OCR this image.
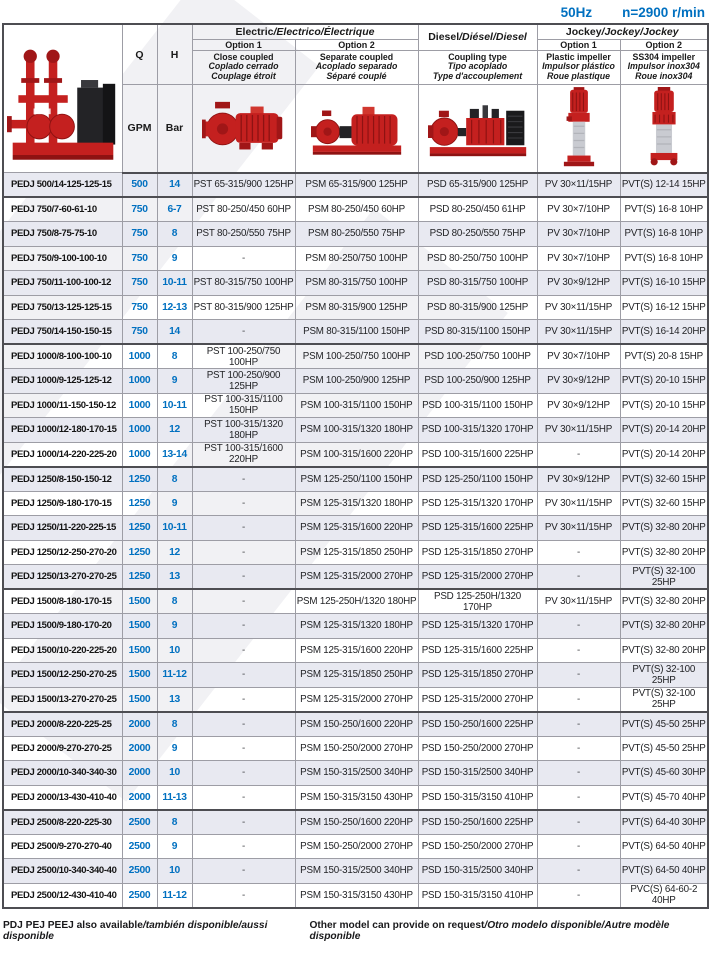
50Hz n=2900 r/min
	Q	H	Electric/Electrico/Électrique		Diesel/Diésel/Diesel	Jockey/Jockey/Jockey	
			Option 1	Option 2		Option 1	Option 2

			Close coupled
Coplado cerrado
Couplage étroit	Separate coupled
Acoplado separado
Séparé couplé	Coupling type
Tipo acoplado
Type d'accouplement	Plastic impeller
Impulsor plástico
Roue plastique	SS304 impeller
Impulsor inox304
Roue inox304

	GPM	Bar	

PEDJ 500/14-125-125-15	500	14	PST 65-315/900 125HP	PSM 65-315/900 125HP	PSD 65-315/900 125HP	PV 30×11/15HP	PVT(S) 12-14 15HP
PEDJ 750/7-60-61-10	750	6-7	PST 80-250/450 60HP	PSM 80-250/450 60HP	PSD 80-250/450 61HP	PV 30×7/10HP	PVT(S) 16-8 10HP
PEDJ 750/8-75-75-10	750	8	PST 80-250/550 75HP	PSM 80-250/550 75HP	PSD 80-250/550 75HP	PV 30×7/10HP	PVT(S) 16-8 10HP
PEDJ 750/9-100-100-10	750	9	-	PSM 80-250/750 100HP	PSD 80-250/750 100HP	PV 30×7/10HP	PVT(S) 16-8 10HP
PEDJ 750/11-100-100-12	750	10-11	PST 80-315/750 100HP	PSM 80-315/750 100HP	PSD 80-315/750 100HP	PV 30×9/12HP	PVT(S) 16-10 15HP
PEDJ 750/13-125-125-15	750	12-13	PST 80-315/900 125HP	PSM 80-315/900 125HP	PSD 80-315/900 125HP	PV 30×11/15HP	PVT(S) 16-12 15HP
PEDJ 750/14-150-150-15	750	14	-	PSM 80-315/1100 150HP	PSD 80-315/1100 150HP	PV 30×11/15HP	PVT(S) 16-14 20HP
PEDJ 1000/8-100-100-10	1000	8	PST 100-250/750 100HP	PSM 100-250/750 100HP	PSD 100-250/750 100HP	PV 30×7/10HP	PVT(S) 20-8 15HP
PEDJ 1000/9-125-125-12	1000	9	PST 100-250/900 125HP	PSM 100-250/900 125HP	PSD 100-250/900 125HP	PV 30×9/12HP	PVT(S) 20-10 15HP
PEDJ 1000/11-150-150-12	1000	10-11	PST 100-315/1100 150HP	PSM 100-315/1100 150HP	PSD 100-315/1100 150HP	PV 30×9/12HP	PVT(S) 20-10 15HP
PEDJ 1000/12-180-170-15	1000	12	PST 100-315/1320 180HP	PSM 100-315/1320 180HP	PSD 100-315/1320 170HP	PV 30×11/15HP	PVT(S) 20-14 20HP
PEDJ 1000/14-220-225-20	1000	13-14	PST 100-315/1600 220HP	PSM 100-315/1600 220HP	PSD 100-315/1600 225HP	-	PVT(S) 20-14 20HP
PEDJ 1250/8-150-150-12	1250	8	-	PSM 125-250/1100 150HP	PSD 125-250/1100 150HP	PV 30×9/12HP	PVT(S) 32-60 15HP
PEDJ 1250/9-180-170-15	1250	9	-	PSM 125-315/1320 180HP	PSD 125-315/1320 170HP	PV 30×11/15HP	PVT(S) 32-60 15HP
PEDJ 1250/11-220-225-15	1250	10-11	-	PSM 125-315/1600 220HP	PSD 125-315/1600 225HP	PV 30×11/15HP	PVT(S) 32-80 20HP
PEDJ 1250/12-250-270-20	1250	12	-	PSM 125-315/1850 250HP	PSD 125-315/1850 270HP	-	PVT(S) 32-80 20HP
PEDJ 1250/13-270-270-25	1250	13	-	PSM 125-315/2000 270HP	PSD 125-315/2000 270HP	-	PVT(S) 32-100 25HP
PEDJ 1500/8-180-170-15	1500	8	-	PSM 125-250H/1320 180HP	PSD 125-250H/1320 170HP	PV 30×11/15HP	PVT(S) 32-80 20HP
PEDJ 1500/9-180-170-20	1500	9	-	PSM 125-315/1320 180HP	PSD 125-315/1320 170HP	-	PVT(S) 32-80 20HP
PEDJ 1500/10-220-225-20	1500	10	-	PSM 125-315/1600 220HP	PSD 125-315/1600 225HP	-	PVT(S) 32-80 20HP
PEDJ 1500/12-250-270-25	1500	11-12	-	PSM 125-315/1850 250HP	PSD 125-315/1850 270HP	-	PVT(S) 32-100 25HP
PEDJ 1500/13-270-270-25	1500	13	-	PSM 125-315/2000 270HP	PSD 125-315/2000 270HP	-	PVT(S) 32-100 25HP
PEDJ 2000/8-220-225-25	2000	8	-	PSM 150-250/1600 220HP	PSD 150-250/1600 225HP	-	PVT(S) 45-50 25HP
PEDJ 2000/9-270-270-25	2000	9	-	PSM 150-250/2000 270HP	PSD 150-250/2000 270HP	-	PVT(S) 45-50 25HP
PEDJ 2000/10-340-340-30	2000	10	-	PSM 150-315/2500 340HP	PSD 150-315/2500 340HP	-	PVT(S) 45-60 30HP
PEDJ 2000/13-430-410-40	2000	11-13	-	PSM 150-315/3150 430HP	PSD 150-315/3150 410HP	-	PVT(S) 45-70 40HP
PEDJ 2500/8-220-225-30	2500	8	-	PSM 150-250/1600 220HP	PSD 150-250/1600 225HP	-	PVT(S) 64-40 30HP
PEDJ 2500/9-270-270-40	2500	9	-	PSM 150-250/2000 270HP	PSD 150-250/2000 270HP	-	PVT(S) 64-50 40HP
PEDJ 2500/10-340-340-40	2500	10	-	PSM 150-315/2500 340HP	PSD 150-315/2500 340HP	-	PVT(S) 64-50 40HP
PEDJ 2500/12-430-410-40	2500	11-12	-	PSM 150-315/3150 430HP	PSD 150-315/3150 410HP	-	PVC(S) 64-60-2 40HP
PDJ PEJ PEEJ also available/también disponible/aussi disponible
Other model can provide on request/Otro modelo disponible/Autre modèle disponible
